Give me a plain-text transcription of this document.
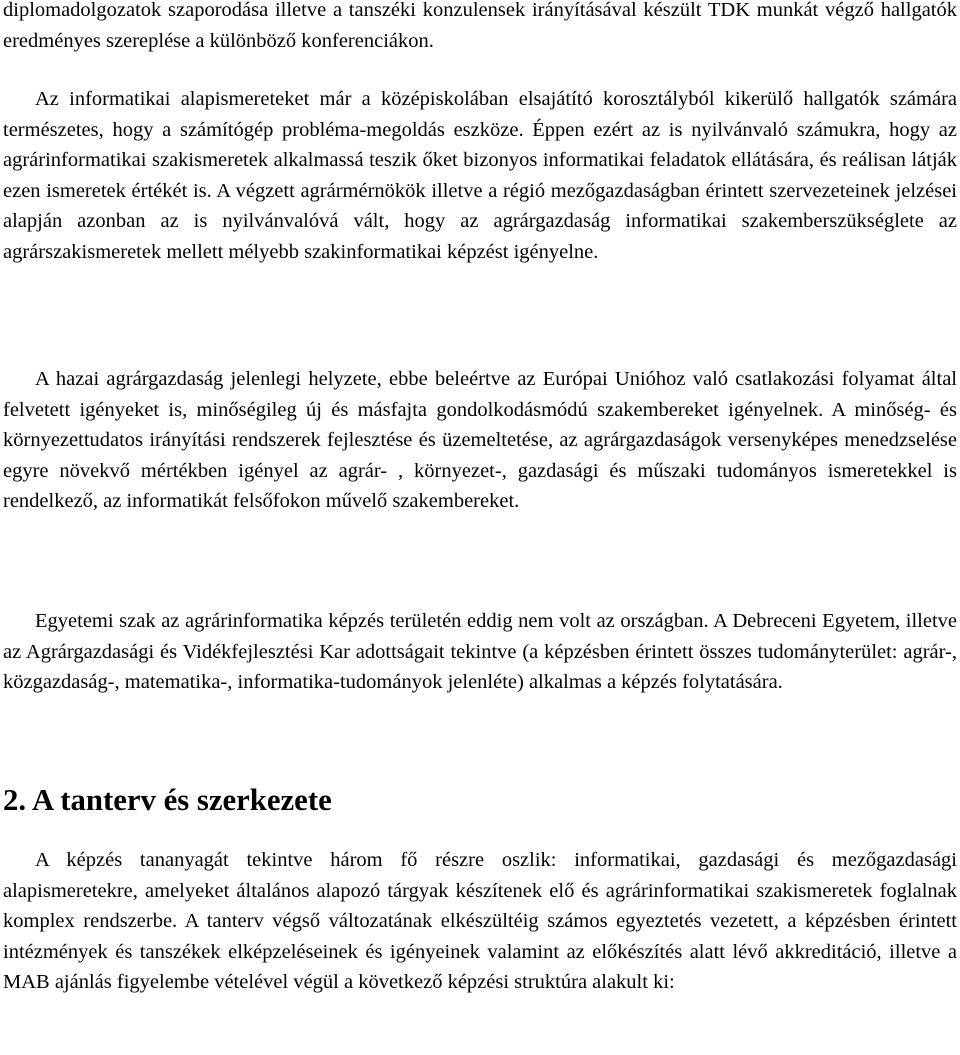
diplomadolgozatok szaporodása illetve a tanszéki konzulensek irányításával készült TDK munkát végző hallgatók eredményes szereplése a különböző konferenciákon.

Az informatikai alapismereteket már a középiskolában elsajátító korosztályból kikerülő hallgatók számára természetes, hogy a számítógép probléma-megoldás eszköze. Éppen ezért az is nyilvánvaló számukra, hogy az agrárinformatikai szakismeretek alkalmassá teszik őket bizonyos informatikai feladatok ellátására, és reálisan látják ezen ismeretek értékét is. A végzett agrármérnökök illetve a régió mezőgazdaságban érintett szervezeteinek jelzései alapján azonban az is nyilvánvalóvá vált, hogy az agrárgazdaság informatikai szakemberszükséglete az agrárszakismeretek mellett mélyebb szakinformatikai képzést igényelne.

A hazai agrárgazdaság jelenlegi helyzete, ebbe beleértve az Európai Unióhoz való csatlakozási folyamat által felvetett igényeket is, minőségileg új és másfajta gondolkodásmódú szakembereket igényelnek. A minőség- és környezettudatos irányítási rendszerek fejlesztése és üzemeltetése, az agrárgazdaságok versenyképes menedzselése egyre növekvő mértékben igényel az agrár- , környezet-, gazdasági és műszaki tudományos ismeretekkel is rendelkező, az informatikát felsőfokon művelő szakembereket.

Egyetemi szak az agrárinformatika képzés területén eddig nem volt az országban. A Debreceni Egyetem, illetve az Agrárgazdasági és Vidékfejlesztési Kar adottságait tekintve (a képzésben érintett összes tudományterület: agrár-, közgazdaság-, matematika-, informatika-tudományok jelenléte) alkalmas a képzés folytatására.

2. A tanterv és szerkezete

A képzés tananyagát tekintve három fő részre oszlik: informatikai, gazdasági és mezőgazdasági alapismeretekre, amelyeket általános alapozó tárgyak készítenek elő és agrárinformatikai szakismeretek foglalnak komplex rendszerbe. A tanterv végső változatának elkészültéig számos egyeztetés vezetett, a képzésben érintett intézmények és tanszékek elképzeléseinek és igényeinek valamint az előkészítés alatt lévő akkreditáció, illetve a MAB ajánlás figyelembe vételével végül a következő képzési struktúra alakult ki:
